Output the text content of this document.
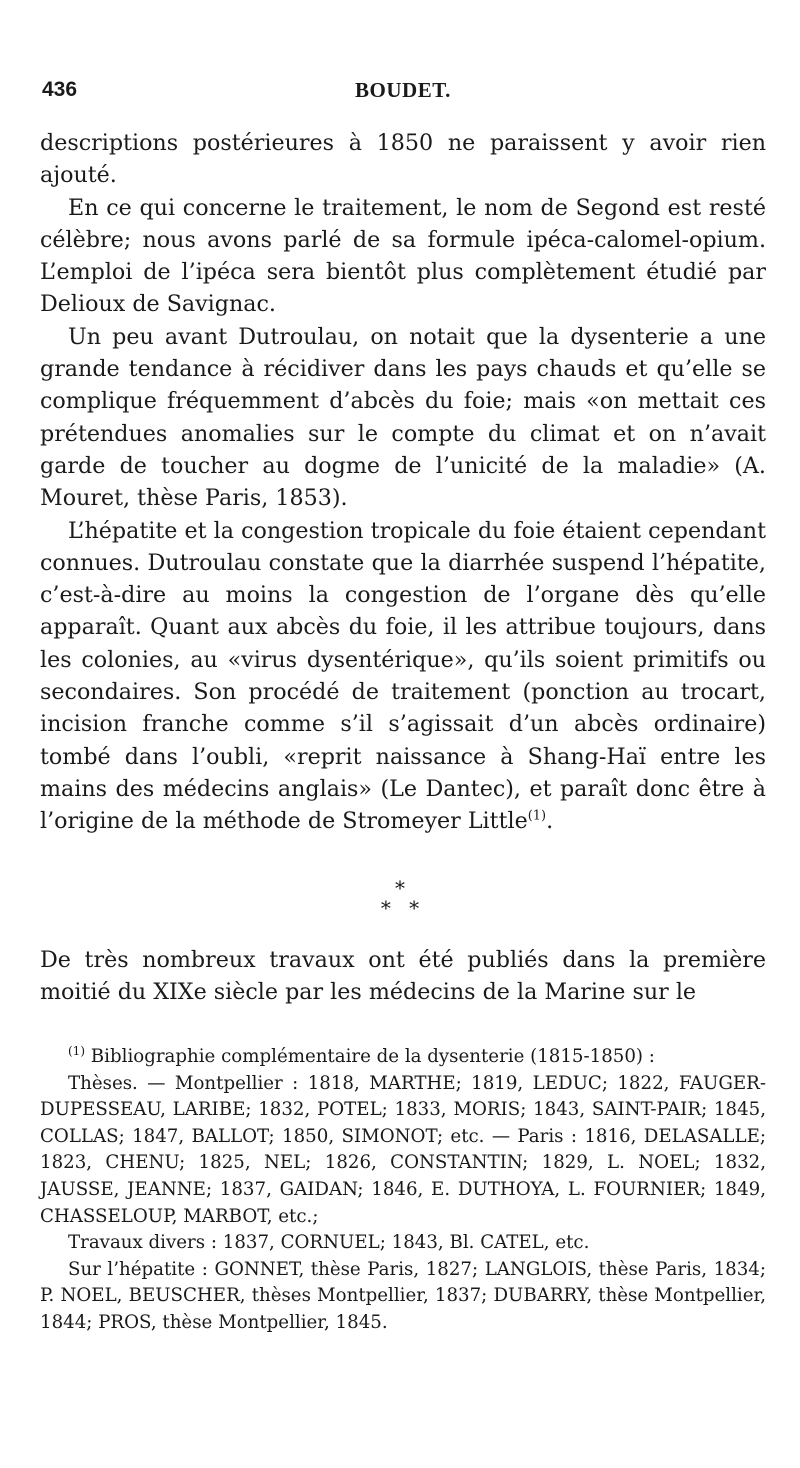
436	BOUDET.

descriptions postérieures à 1850 ne paraissent y avoir rien ajouté.

En ce qui concerne le traitement, le nom de Segond est resté célèbre; nous avons parlé de sa formule ipéca-calomel-opium. L’emploi de l’ipéca sera bientôt plus complètement étudié par Delioux de Savignac.

Un peu avant Dutroulau, on notait que la dysenterie a une grande tendance à récidiver dans les pays chauds et qu’elle se complique fréquemment d’abcès du foie; mais «on mettait ces prétendues anomalies sur le compte du climat et on n’avait garde de toucher au dogme de l’unicité de la maladie» (A. Mouret, thèse Paris, 1853).

L’hépatite et la congestion tropicale du foie étaient cependant connues. Dutroulau constate que la diarrhée suspend l’hépatite, c’est-à-dire au moins la congestion de l’organe dès qu’elle apparaît. Quant aux abcès du foie, il les attribue toujours, dans les colonies, au «virus dysentérique», qu’ils soient primitifs ou secondaires. Son procédé de traitement (ponction au trocart, incision franche comme s’il s’agissait d’un abcès ordinaire) tombé dans l’oubli, «reprit naissance à Shang-Haï entre les mains des médecins anglais» (Le Dantec), et paraît donc être à l’origine de la méthode de Stromeyer Little$^{(1)}$.

*
* *

De très nombreux travaux ont été publiés dans la première moitié du XIXe siècle par les médecins de la Marine sur le

$^{(1)}$ Bibliographie complémentaire de la dysenterie (1815-1850) :

Thèses. — Montpellier : 1818, MARTHE; 1819, LEDUC; 1822, FAUGER-DUPESSEAU, LARIBE; 1832, POTEL; 1833, MORIS; 1843, SAINT-PAIR; 1845, COLLAS; 1847, BALLOT; 1850, SIMONOT; etc. — Paris : 1816, DELASALLE; 1823, CHENU; 1825, NEL; 1826, CONSTANTIN; 1829, L. NOEL; 1832, JAUSSE, JEANNE; 1837, GAIDAN; 1846, E. DUTHOYA, L. FOURNIER; 1849, CHASSELOUP, MARBOT, etc.;

Travaux divers : 1837, CORNUEL; 1843, Bl. CATEL, etc.

Sur l’hépatite : GONNET, thèse Paris, 1827; LANGLOIS, thèse Paris, 1834; P. NOEL, BEUSCHER, thèses Montpellier, 1837; DUBARRY, thèse Montpellier, 1844; PROS, thèse Montpellier, 1845.
